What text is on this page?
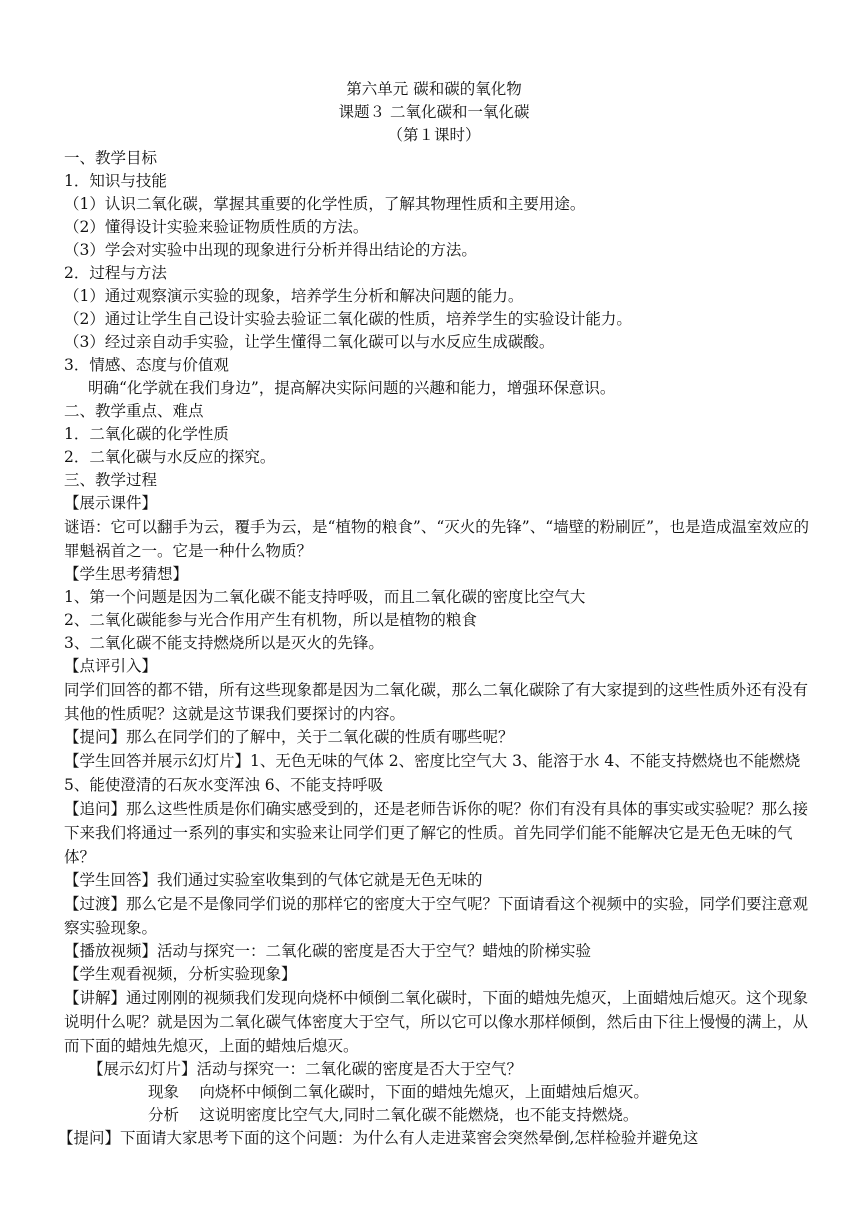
第六单元 碳和碳的氧化物
课题３ 二氧化碳和一氧化碳
（第１课时）
一、教学目标
1．知识与技能
（1）认识二氧化碳，掌握其重要的化学性质，了解其物理性质和主要用途。
（2）懂得设计实验来验证物质性质的方法。
（3）学会对实验中出现的现象进行分析并得出结论的方法。
2．过程与方法
（1）通过观察演示实验的现象，培养学生分析和解决问题的能力。
（2）通过让学生自己设计实验去验证二氧化碳的性质，培养学生的实验设计能力。
（3）经过亲自动手实验，让学生懂得二氧化碳可以与水反应生成碳酸。
3．情感、态度与价值观
明确“化学就在我们身边”，提高解决实际问题的兴趣和能力，增强环保意识。
二、教学重点、难点
1．二氧化碳的化学性质
2．二氧化碳与水反应的探究。
三、教学过程
【展示课件】
谜语：它可以翻手为云，覆手为云，是“植物的粮食”、“灭火的先锋”、“墙壁的粉刷匠”，也是造成温室效应的罪魁祸首之一。它是一种什么物质？
【学生思考猜想】
1、第一个问题是因为二氧化碳不能支持呼吸，而且二氧化碳的密度比空气大
2、二氧化碳能参与光合作用产生有机物，所以是植物的粮食
3、二氧化碳不能支持燃烧所以是灭火的先锋。
【点评引入】
同学们回答的都不错，所有这些现象都是因为二氧化碳，那么二氧化碳除了有大家提到的这些性质外还有没有其他的性质呢？这就是这节课我们要探讨的内容。
【提问】那么在同学们的了解中，关于二氧化碳的性质有哪些呢？
【学生回答并展示幻灯片】1、无色无味的气体 2、密度比空气大 3、能溶于水 4、不能支持燃烧也不能燃烧 5、能使澄清的石灰水变浑浊 6、不能支持呼吸
【追问】那么这些性质是你们确实感受到的，还是老师告诉你的呢？你们有没有具体的事实或实验呢？那么接下来我们将通过一系列的事实和实验来让同学们更了解它的性质。首先同学们能不能解决它是无色无味的气体？
【学生回答】我们通过实验室收集到的气体它就是无色无味的
【过渡】那么它是不是像同学们说的那样它的密度大于空气呢？下面请看这个视频中的实验，同学们要注意观察实验现象。
【播放视频】活动与探究一：二氧化碳的密度是否大于空气？蜡烛的阶梯实验
【学生观看视频，分析实验现象】
【讲解】通过刚刚的视频我们发现向烧杯中倾倒二氧化碳时，下面的蜡烛先熄灭，上面蜡烛后熄灭。这个现象说明什么呢？就是因为二氧化碳气体密度大于空气，所以它可以像水那样倾倒，然后由下往上慢慢的满上，从而下面的蜡烛先熄灭，上面的蜡烛后熄灭。
【展示幻灯片】活动与探究一：二氧化碳的密度是否大于空气？
现象　 向烧杯中倾倒二氧化碳时，下面的蜡烛先熄灭，上面蜡烛后熄灭。
分析　 这说明密度比空气大,同时二氧化碳不能燃烧，也不能支持燃烧。
【提问】下面请大家思考下面的这个问题：为什么有人走进菜窖会突然晕倒,怎样检验并避免这
